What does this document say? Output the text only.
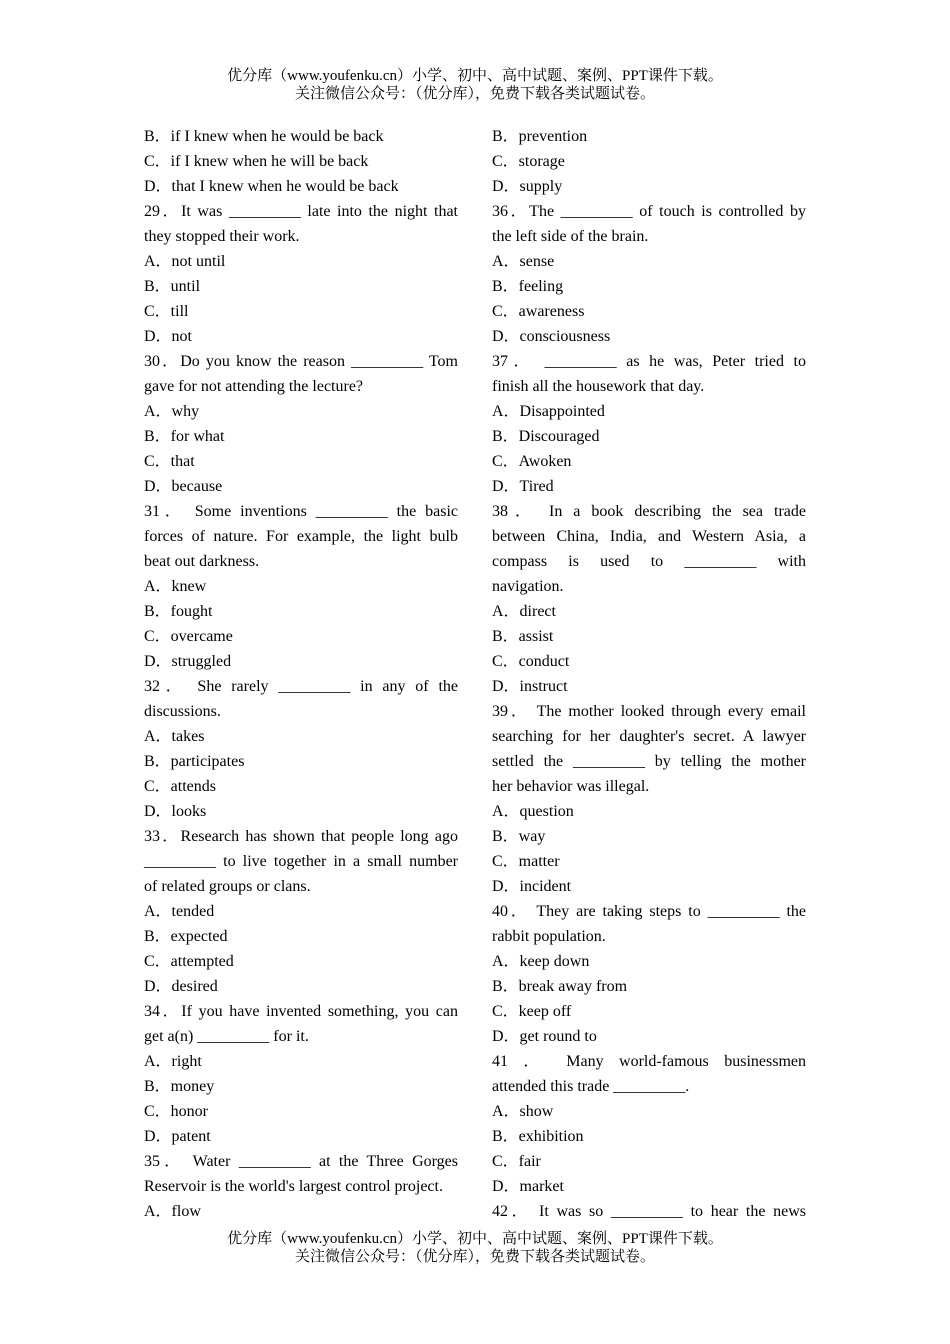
优分库（www.youfenku.cn）小学、初中、高中试题、案例、PPT课件下载。
关注微信公众号：（优分库），免费下载各类试题试卷。
B．if I knew when he would be back
C．if I knew when he will be back
D．that I knew when he would be back
29．It was _________ late into the night that
they stopped their work.
A．not until
B．until
C．till
D．not
30．Do you know the reason _________ Tom
gave for not attending the lecture?
A．why
B．for what
C．that
D．because
31． Some inventions _________ the basic
forces of nature. For example, the light bulb
beat out darkness.
A．knew
B．fought
C．overcame
D．struggled
32． She rarely _________ in any of the
discussions.
A．takes
B．participates
C．attends
D．looks
33．Research has shown that people long ago
_________ to live together in a small number
of related groups or clans.
A．tended
B．expected
C．attempted
D．desired
34．If you have invented something, you can
get a(n) _________ for it.
A．right
B．money
C．honor
D．patent
35． Water _________ at the Three Gorges
Reservoir is the world's largest control project.
A．flow
B．prevention
C．storage
D．supply
36．The _________ of touch is controlled by
the left side of the brain.
A．sense
B．feeling
C．awareness
D．consciousness
37． _________ as he was, Peter tried to
finish all the housework that day.
A．Disappointed
B．Discouraged
C．Awoken
D．Tired
38． In a book describing the sea trade
between China, India, and Western Asia, a
compass is used to _________ with
navigation.
A．direct
B．assist
C．conduct
D．instruct
39． The mother looked through every email
searching for her daughter's secret. A lawyer
settled the _________ by telling the mother
her behavior was illegal.
A．question
B．way
C．matter
D．incident
40． They are taking steps to _________ the
rabbit population.
A．keep down
B．break away from
C．keep off
D．get round to
41 ． Many world-famous businessmen
attended this trade _________.
A．show
B．exhibition
C．fair
D．market
42． It was so _________ to hear the news
优分库（www.youfenku.cn）小学、初中、高中试题、案例、PPT课件下载。
关注微信公众号：（优分库），免费下载各类试题试卷。
